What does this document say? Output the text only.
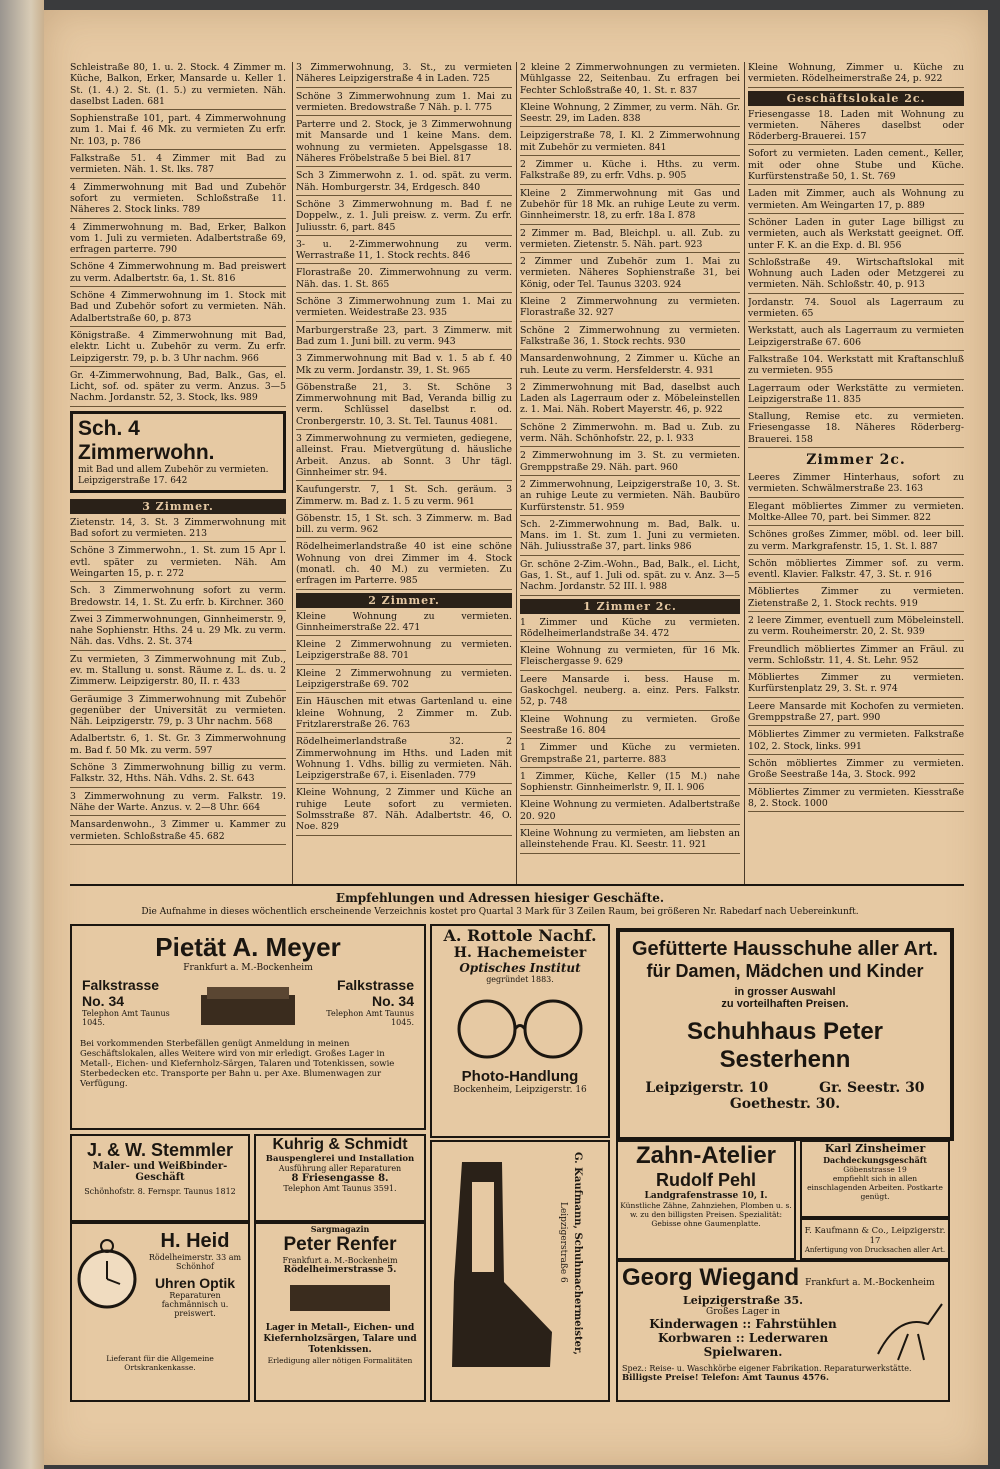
Schleistraße 80, 1. u. 2. Stock. 4 Zimmer m. Küche, Balkon, Erker, Mansarde u. Keller 1. St. (1. 4.) 2. St. (1. 5.) zu vermieten. Näh. daselbst Laden. 681
Sophienstraße 101, part. 4 Zimmerwohnung zum 1. Mai f. 46 Mk. zu vermieten Zu erfr. Nr. 103, p. 786
Falkstraße 51. 4 Zimmer mit Bad zu vermieten. Näh. 1. St. lks. 787
4 Zimmerwohnung mit Bad und Zubehör sofort zu vermieten. Schloßstraße 11. Näheres 2. Stock links. 789
4 Zimmerwohnung m. Bad, Erker, Balkon vom 1. Juli zu vermieten. Adalbertstraße 69, erfragen parterre. 790
Schöne 4 Zimmerwohnung m. Bad preiswert zu verm. Adalbertstr. 6a, 1. St. 816
Schöne 4 Zimmerwohnung im 1. Stock mit Bad und Zubehör sofort zu vermieten. Näh. Adalbertstraße 60, p. 873
Königstraße. 4 Zimmerwohnung mit Bad, elektr. Licht u. Zubehör zu verm. Zu erfr. Leipzigerstr. 79, p. b. 3 Uhr nachm. 966
Gr. 4-Zimmerwohnung, Bad, Balk., Gas, el. Licht, sof. od. später zu verm. Anzus. 3—5 Nachm. Jordanstr. 52, 3. Stock, lks. 989
Sch. 4 Zimmerwohn.
mit Bad und allem Zubehör zu vermieten. Leipzigerstraße 17. 642
3 Zimmer.
Zietenstr. 14, 3. St. 3 Zimmerwohnung mit Bad sofort zu vermieten. 213
Schöne 3 Zimmerwohn., 1. St. zum 15 Apr l. evtl. später zu vermieten. Näh. Am Weingarten 15, p. r. 272
Sch. 3 Zimmerwohnung sofort zu verm. Bredowstr. 14, 1. St. Zu erfr. b. Kirchner. 360
Zwei 3 Zimmerwohnungen, Ginnheimerstr. 9, nahe Sophienstr. Hths. 24 u. 29 Mk. zu verm. Näh. das. Vdhs. 2. St. 374
Zu vermieten, 3 Zimmerwohnung mit Zub., ev. m. Stallung u. sonst. Räume z. L. ds. u. 2 Zimmerw. Leipzigerstr. 80, II. r. 433
Geräumige 3 Zimmerwohnung mit Zubehör gegenüber der Universität zu vermieten. Näh. Leipzigerstr. 79, p. 3 Uhr nachm. 568
Adalbertstr. 6, 1. St. Gr. 3 Zimmerwohnung m. Bad f. 50 Mk. zu verm. 597
Schöne 3 Zimmerwohnung billig zu verm. Falkstr. 32, Hths. Näh. Vdhs. 2. St. 643
3 Zimmerwohnung zu verm. Falkstr. 19. Nähe der Warte. Anzus. v. 2—8 Uhr. 664
Mansardenwohn., 3 Zimmer u. Kammer zu vermieten. Schloßstraße 45. 682
3 Zimmerwohnung, 3. St., zu vermieten Näheres Leipzigerstraße 4 in Laden. 725
Schöne 3 Zimmerwohnung zum 1. Mai zu vermieten. Bredowstraße 7 Näh. p. l. 775
Parterre und 2. Stock, je 3 Zimmerwohnung mit Mansarde und 1 keine Mans. dem. wohnung zu vermieten. Appelsgasse 18. Näheres Fröbelstraße 5 bei Biel. 817
Sch 3 Zimmerwohn z. 1. od. spät. zu verm. Näh. Homburgerstr. 34, Erdgesch. 840
Schöne 3 Zimmerwohnung m. Bad f. ne Doppelw., z. 1. Juli preisw. z. verm. Zu erfr. Juliusstr. 6, part. 845
3- u. 2-Zimmerwohnung zu verm. Werrastraße 11, 1. Stock rechts. 846
Florastraße 20. Zimmerwohnung zu verm. Näh. das. 1. St. 865
Schöne 3 Zimmerwohnung zum 1. Mai zu vermieten. Weidestraße 23. 935
Marburgerstraße 23, part. 3 Zimmerw. mit Bad zum 1. Juni bill. zu verm. 943
3 Zimmerwohnung mit Bad v. 1. 5 ab f. 40 Mk zu verm. Jordanstr. 39, 1. St. 965
Göbenstraße 21, 3. St. Schöne 3 Zimmerwohnung mit Bad, Veranda billig zu verm. Schlüssel daselbst r. od. Cronbergerstr. 10, 3. St. Tel. Taunus 4081.
3 Zimmerwohnung zu vermieten, gediegene, alleinst. Frau. Mietvergütung d. häusliche Arbeit. Anzus. ab Sonnt. 3 Uhr tägl. Ginnheimer str. 94.
Kaufungerstr. 7, 1 St. Sch. geräum. 3 Zimmerw. m. Bad z. 1. 5 zu verm. 961
Göbenstr. 15, 1 St. sch. 3 Zimmerw. m. Bad bill. zu verm. 962
Rödelheimerlandstraße 40 ist eine schöne Wohnung von drei Zimmer im 4. Stock (monatl. ch. 40 M.) zu vermieten. Zu erfragen im Parterre. 985
2 Zimmer.
Kleine Wohnung zu vermieten. Ginnheimerstraße 22. 471
Kleine 2 Zimmerwohnung zu vermieten. Leipzigerstraße 88. 701
Kleine 2 Zimmerwohnung zu vermieten. Leipzigerstraße 69. 702
Ein Häuschen mit etwas Gartenland u. eine kleine Wohnung, 2 Zimmer m. Zub. Fritzlarerstraße 26. 763
Rödelheimerlandstraße 32. 2 Zimmerwohnung im Hths. und Laden mit Wohnung 1. Vdhs. billig zu vermieten. Näh. Leipzigerstraße 67, i. Eisenladen. 779
Kleine Wohnung, 2 Zimmer und Küche an ruhige Leute sofort zu vermieten. Solmsstraße 87. Näh. Adalbertstr. 46, O. Noe. 829
2 kleine 2 Zimmerwohnungen zu vermieten. Mühlgasse 22, Seitenbau. Zu erfragen bei Fechter Schloßstraße 40, 1. St. r. 837
Kleine Wohnung, 2 Zimmer, zu verm. Näh. Gr. Seestr. 29, im Laden. 838
Leipzigerstraße 78, I. Kl. 2 Zimmerwohnung mit Zubehör zu vermieten. 841
2 Zimmer u. Küche i. Hths. zu verm. Falkstraße 89, zu erfr. Vdhs. p. 905
Kleine 2 Zimmerwohnung mit Gas und Zubehör für 18 Mk. an ruhige Leute zu verm. Ginnheimerstr. 18, zu erfr. 18a I. 878
2 Zimmer m. Bad, Bleichpl. u. all. Zub. zu vermieten. Zietenstr. 5. Näh. part. 923
2 Zimmer und Zubehör zum 1. Mai zu vermieten. Näheres Sophienstraße 31, bei König, oder Tel. Taunus 3203. 924
Kleine 2 Zimmerwohnung zu vermieten. Florastraße 32. 927
Schöne 2 Zimmerwohnung zu vermieten. Falkstraße 36, 1. Stock rechts. 930
Mansardenwohnung, 2 Zimmer u. Küche an ruh. Leute zu verm. Hersfelderstr. 4. 931
2 Zimmerwohnung mit Bad, daselbst auch Laden als Lagerraum oder z. Möbeleinstellen z. 1. Mai. Näh. Robert Mayerstr. 46, p. 922
Schöne 2 Zimmerwohn. m. Bad u. Zub. zu verm. Näh. Schönhofstr. 22, p. l. 933
2 Zimmerwohnung im 3. St. zu vermieten. Gremppstraße 29. Näh. part. 960
2 Zimmerwohnung, Leipzigerstraße 10, 3. St. an ruhige Leute zu vermieten. Näh. Baubüro Kurfürstenstr. 51. 959
Sch. 2-Zimmerwohnung m. Bad, Balk. u. Mans. im 1. St. zum 1. Juni zu vermieten. Näh. Juliusstraße 37, part. links 986
Gr. schöne 2-Zim.-Wohn., Bad, Balk., el. Licht, Gas, 1. St., auf 1. Juli od. spät. zu v. Anz. 3—5 Nachm. Jordanstr. 52 III. l. 988
1 Zimmer 2c.
1 Zimmer und Küche zu vermieten. Rödelheimerlandstraße 34. 472
Kleine Wohnung zu vermieten, für 16 Mk. Fleischergasse 9. 629
Leere Mansarde i. bess. Hause m. Gaskochgel. neuberg. a. einz. Pers. Falkstr. 52, p. 748
Kleine Wohnung zu vermieten. Große Seestraße 16. 804
1 Zimmer und Küche zu vermieten. Grempstraße 21, parterre. 883
1 Zimmer, Küche, Keller (15 M.) nahe Sophienstr. Ginnheimerlstr. 9, II. l. 906
Kleine Wohnung zu vermieten. Adalbertstraße 20. 920
Kleine Wohnung zu vermieten, am liebsten an alleinstehende Frau. Kl. Seestr. 11. 921
Kleine Wohnung, Zimmer u. Küche zu vermieten. Rödelheimerstraße 24, p. 922
Geschäftslokale 2c.
Friesengasse 18. Laden mit Wohnung zu vermieten. Näheres daselbst oder Röderberg-Brauerei. 157
Sofort zu vermieten. Laden cement., Keller, mit oder ohne Stube und Küche. Kurfürstenstraße 50, 1. St. 769
Laden mit Zimmer, auch als Wohnung zu vermieten. Am Weingarten 17, p. 889
Schöner Laden in guter Lage billigst zu vermieten, auch als Werkstatt geeignet. Off. unter F. K. an die Exp. d. Bl. 956
Schloßstraße 49. Wirtschaftslokal mit Wohnung auch Laden oder Metzgerei zu vermieten. Näh. Schloßstr. 40, p. 913
Jordanstr. 74. Souol als Lagerraum zu vermieten. 65
Werkstatt, auch als Lagerraum zu vermieten Leipzigerstraße 67. 606
Falkstraße 104. Werkstatt mit Kraftanschluß zu vermieten. 955
Lagerraum oder Werkstätte zu vermieten. Leipzigerstraße 11. 835
Stallung, Remise etc. zu vermieten. Friesengasse 18. Näheres Röderberg-Brauerei. 158
Zimmer 2c.
Leeres Zimmer Hinterhaus, sofort zu vermieten. Schwälmerstraße 23. 163
Elegant möbliertes Zimmer zu vermieten. Moltke-Allee 70, part. bei Simmer. 822
Schönes großes Zimmer, möbl. od. leer bill. zu verm. Markgrafenstr. 15, 1. St. l. 887
Schön möbliertes Zimmer sof. zu verm. eventl. Klavier. Falkstr. 47, 3. St. r. 916
Möbliertes Zimmer zu vermieten. Zietenstraße 2, 1. Stock rechts. 919
2 leere Zimmer, eventuell zum Möbeleinstell. zu verm. Rouheimerstr. 20, 2. St. 939
Freundlich möbliertes Zimmer an Fräul. zu verm. Schloßstr. 11, 4. St. Lehr. 952
Möbliertes Zimmer zu vermieten. Kurfürstenplatz 29, 3. St. r. 974
Leere Mansarde mit Kochofen zu vermieten. Gremppstraße 27, part. 990
Möbliertes Zimmer zu vermieten. Falkstraße 102, 2. Stock, links. 991
Schön möbliertes Zimmer zu vermieten. Große Seestraße 14a, 3. Stock. 992
Möbliertes Zimmer zu vermieten. Kiesstraße 8, 2. Stock. 1000
Empfehlungen und Adressen hiesiger Geschäfte.
Die Aufnahme in dieses wöchentlich erscheinende Verzeichnis kostet pro Quartal 3 Mark für 3 Zeilen Raum, bei größeren Nr. Rabedarf nach Uebereinkunft.
Pietät A. Meyer
Frankfurt a. M.-Bockenheim
Falkstrasse No. 34
Telephon Amt Taunus 1045.
Falkstrasse No. 34
Telephon Amt Taunus 1045.
Bei vorkommenden Sterbefällen genügt Anmeldung in meinen Geschäftslokalen, alles Weitere wird von mir erledigt. Großes Lager in Metall-, Eichen- und Kiefernholz-Särgen, Talaren und Totenkissen, sowie Sterbedecken etc. Transporte per Bahn u. per Axe. Blumenwagen zur Verfügung.
A. Rottole Nachf.
H. Hachemeister
Optisches Institut
gegründet 1883.
Photo-Handlung
Bockenheim, Leipzigerstr. 16
Gefütterte Hausschuhe aller Art.
für Damen, Mädchen und Kinder
in grosser Auswahl
zu vorteilhaften Preisen.
Schuhhaus Peter Sesterhenn
Leipzigerstr. 10	Gr. Seestr. 30
Goethestr. 30.
J. & W. Stemmler
Maler- und Weißbinder-Geschäft
Schönhofstr. 8. Fernspr. Taunus 1812
Kuhrig & Schmidt
Bauspenglerei und Installation
Ausführung aller Reparaturen
8 Friesengasse 8.
Telephon Amt Taunus 3591.
H. Heid
Rödelheimerstr. 33 am Schönhof
Uhren Optik
Reparaturen fachmännisch u. preiswert.
Lieferant für die Allgemeine Ortskrankenkasse.
Sargmagazin
Peter Renfer
Frankfurt a. M.-Bockenheim
Rödelheimerstrasse 5.
Lager in Metall-, Eichen- und Kiefernholzsärgen, Talare und Totenkissen.
Erledigung aller nötigen Formalitäten
G. Kaufmann, Schuhmachermeister,
Leipzigerstraße 6
Zahn-Atelier
Rudolf Pehl
Landgrafenstrasse 10, I.
Künstliche Zähne, Zahnziehen, Plomben u. s. w. zu den billigsten Preisen. Spezialität: Gebisse ohne Gaumenplatte.
Karl Zinsheimer
Dachdeckungsgeschäft
Göbenstrasse 19
empfiehlt sich in allen einschlagenden Arbeiten. Postkarte genügt.
F. Kaufmann & Co., Leipzigerstr. 17
Anfertigung von Drucksachen aller Art.
Georg Wiegand Frankfurt a. M.-Bockenheim
Leipzigerstraße 35.
Großes Lager in
Kinderwagen :: Fahrstühlen
Korbwaren :: Lederwaren
Spielwaren.
Spez.: Reise- u. Waschkörbe eigener Fabrikation. Reparaturwerkstätte.
Billigste Preise! Telefon: Amt Taunus 4576.
